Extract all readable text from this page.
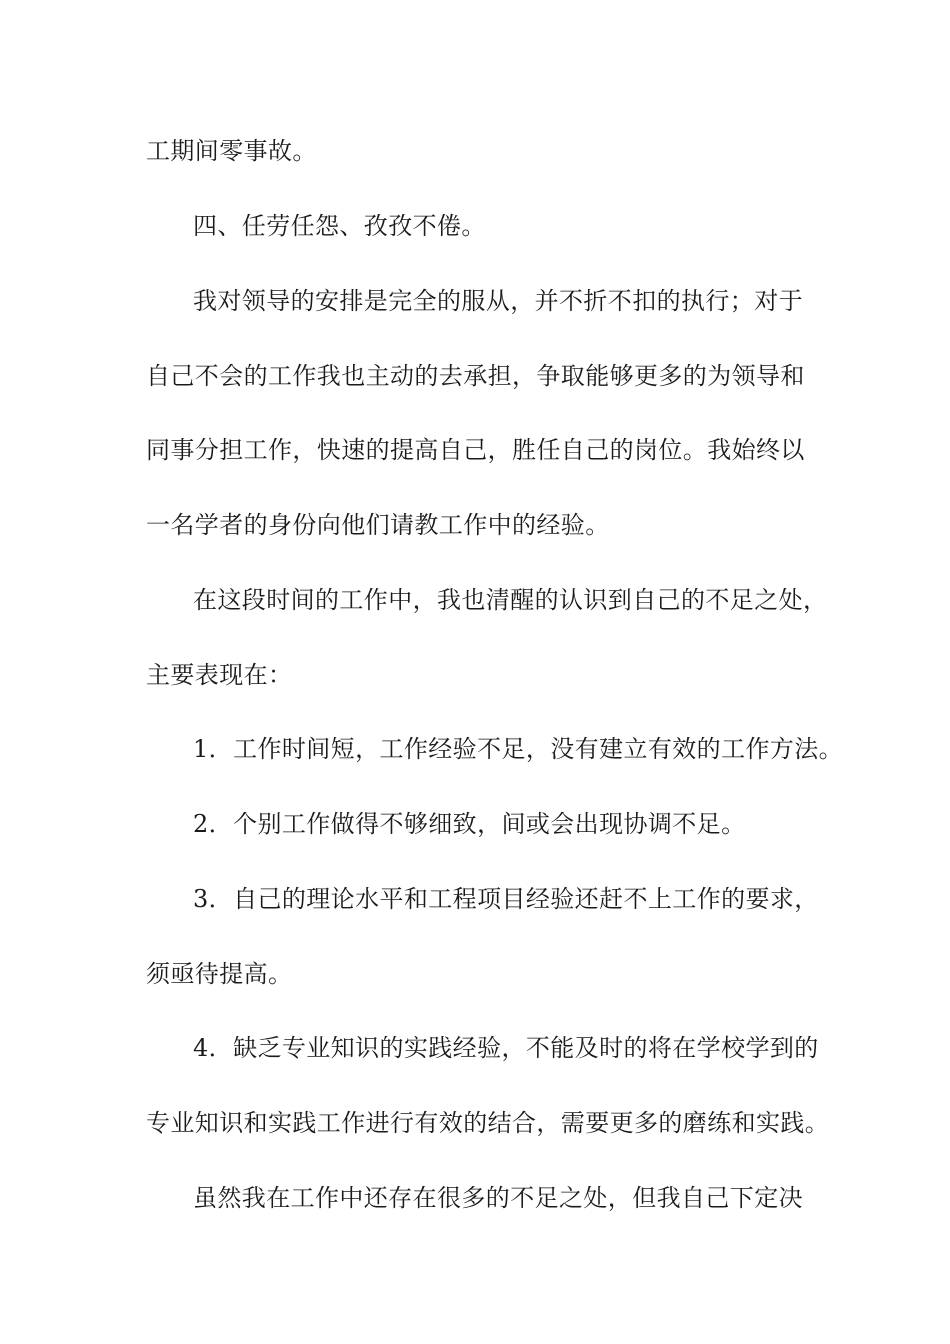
工期间零事故。
四、任劳任怨、孜孜不倦。
我对领导的安排是完全的服从，并不折不扣的执行；对于
自己不会的工作我也主动的去承担，争取能够更多的为领导和
同事分担工作，快速的提高自己，胜任自己的岗位。我始终以
一名学者的身份向他们请教工作中的经验。
在这段时间的工作中，我也清醒的认识到自己的不足之处，
主要表现在：
1．工作时间短，工作经验不足，没有建立有效的工作方法。
2．个别工作做得不够细致，间或会出现协调不足。
3．自己的理论水平和工程项目经验还赶不上工作的要求，
须亟待提高。
4．缺乏专业知识的实践经验，不能及时的将在学校学到的
专业知识和实践工作进行有效的结合，需要更多的磨练和实践。
虽然我在工作中还存在很多的不足之处，但我自己下定决
